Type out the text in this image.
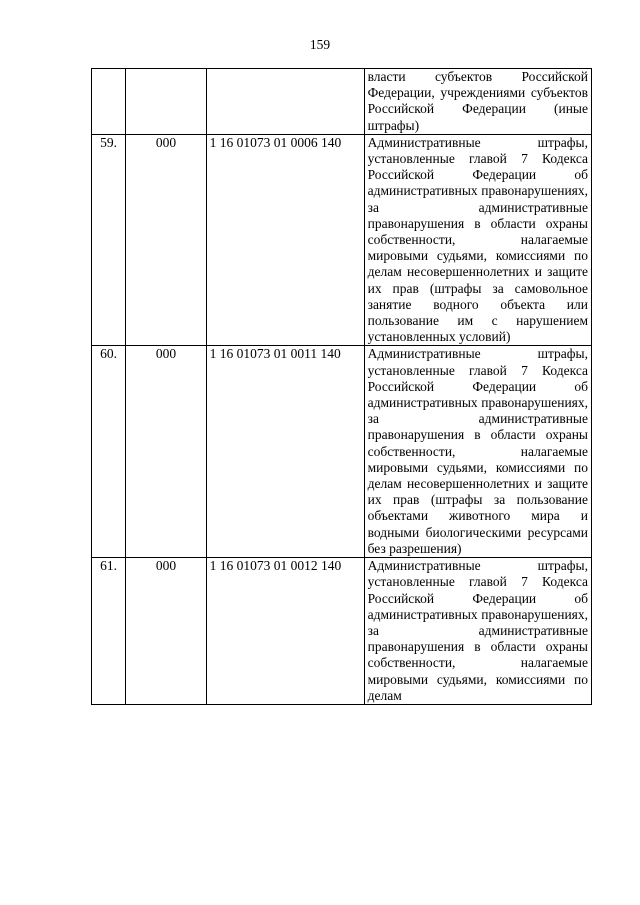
159

			власти субъектов Российской Федерации, учреждениями субъектов Российской Федерации (иные штрафы)

59.	000	1 16 01073 01 0006 140	Административные штрафы, установленные главой 7 Кодекса Российской Федерации об административных правонарушениях, за административные правонарушения в области охраны собственности, налагаемые мировыми судьями, комиссиями по делам несовершеннолетних и защите их прав (штрафы за самовольное занятие водного объекта или пользование им с нарушением установленных условий)

60.	000	1 16 01073 01 0011 140	Административные штрафы, установленные главой 7 Кодекса Российской Федерации об административных правонарушениях, за административные правонарушения в области охраны собственности, налагаемые мировыми судьями, комиссиями по делам несовершеннолетних и защите их прав (штрафы за пользование объектами животного мира и водными биологическими ресурсами без разрешения)

61.	000	1 16 01073 01 0012 140	Административные штрафы, установленные главой 7 Кодекса Российской Федерации об административных правонарушениях, за административные правонарушения в области охраны собственности, налагаемые мировыми судьями, комиссиями по делам
